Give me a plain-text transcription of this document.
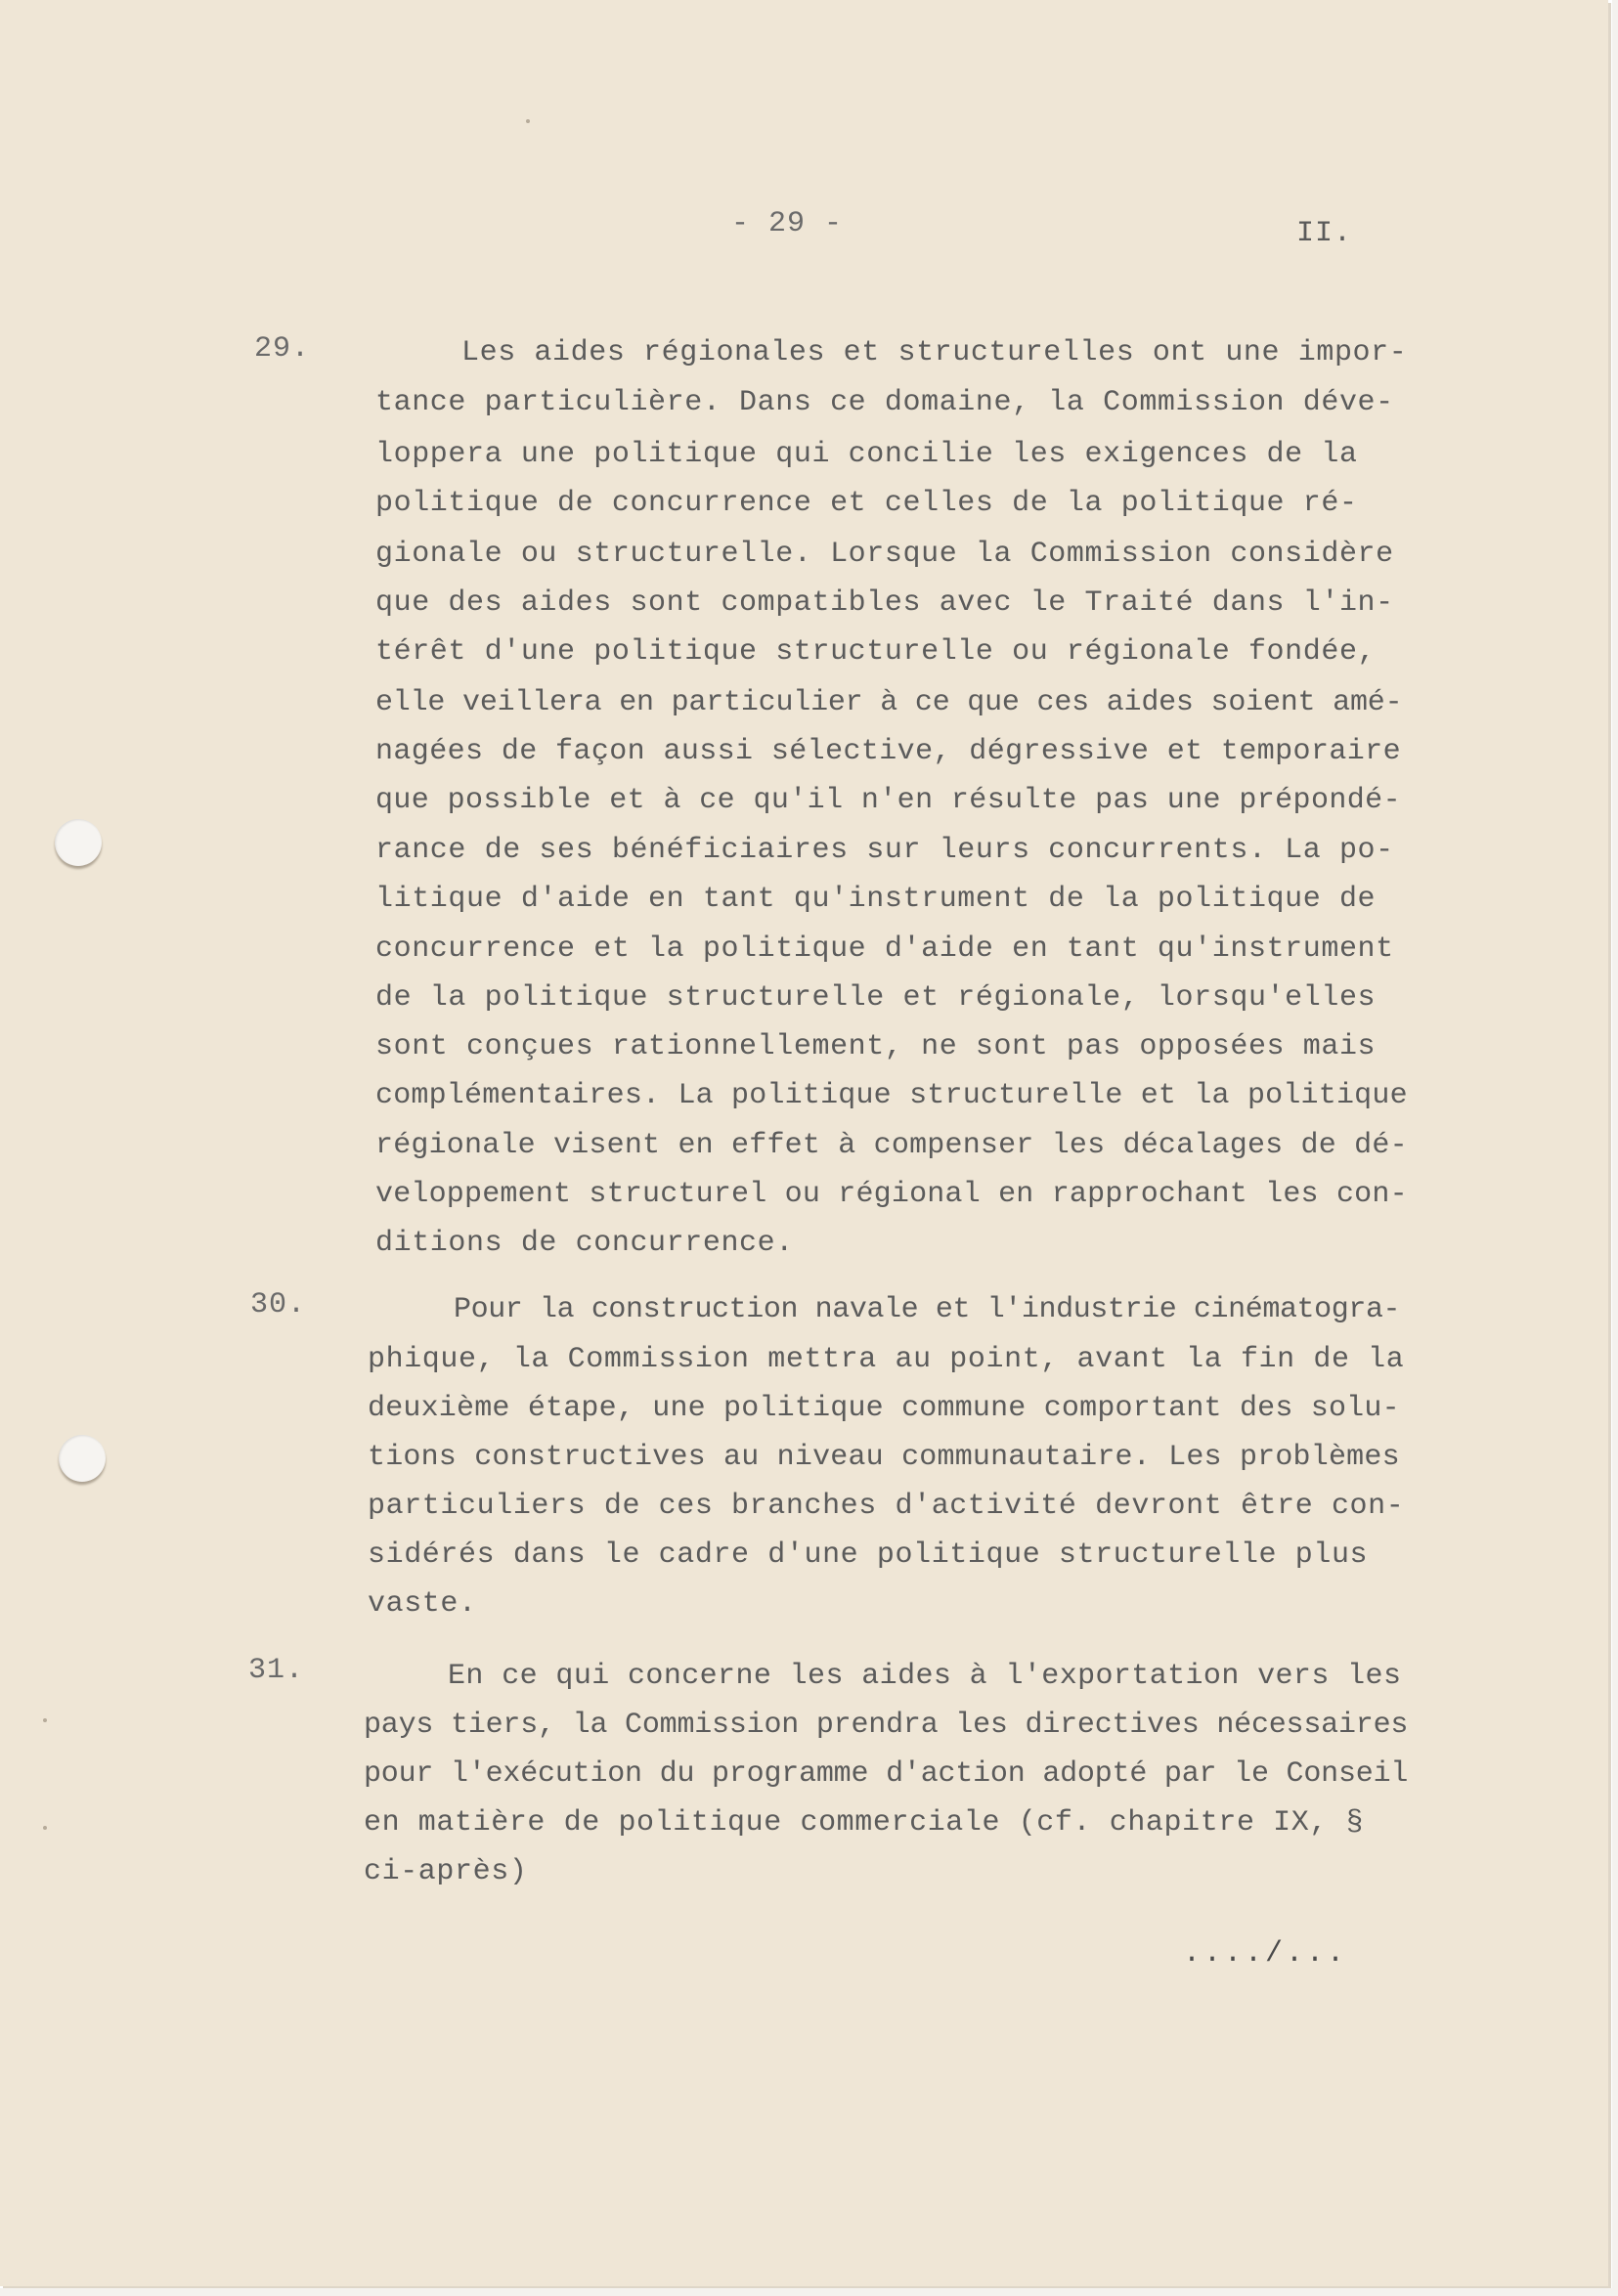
- 29 -	II.
29.
30.
31.
Les aides régionales et structurelles ont une impor-
tance particulière. Dans ce domaine, la Commission déve-
loppera une politique qui concilie les exigences de la
politique de concurrence et celles de la politique ré-
gionale ou structurelle. Lorsque la Commission considère
que des aides sont compatibles avec le Traité dans l'in-
térêt d'une politique structurelle ou régionale fondée,
elle veillera en particulier à ce que ces aides soient amé-
nagées de façon aussi sélective, dégressive et temporaire
que possible et à ce qu'il n'en résulte pas une prépondé-
rance de ses bénéficiaires sur leurs concurrents. La po-
litique d'aide en tant qu'instrument de la politique de
concurrence et la politique d'aide en tant qu'instrument
de la politique structurelle et régionale, lorsqu'elles
sont conçues rationnellement, ne sont pas opposées mais
complémentaires. La politique structurelle et la politique
régionale visent en effet à compenser les décalages de dé-
veloppement structurel ou régional en rapprochant les con-
ditions de concurrence.
Pour la construction navale et l'industrie cinématogra-
phique, la Commission mettra au point, avant la fin de la
deuxième étape, une politique commune comportant des solu-
tions constructives au niveau communautaire. Les problèmes
particuliers de ces branches d'activité devront être con-
sidérés dans le cadre d'une politique structurelle plus
vaste.
En ce qui concerne les aides à l'exportation vers les
pays tiers, la Commission prendra les directives nécessaires
pour l'exécution du programme d'action adopté par le Conseil
en matière de politique commerciale (cf. chapitre IX, §
ci-après)
..../...
